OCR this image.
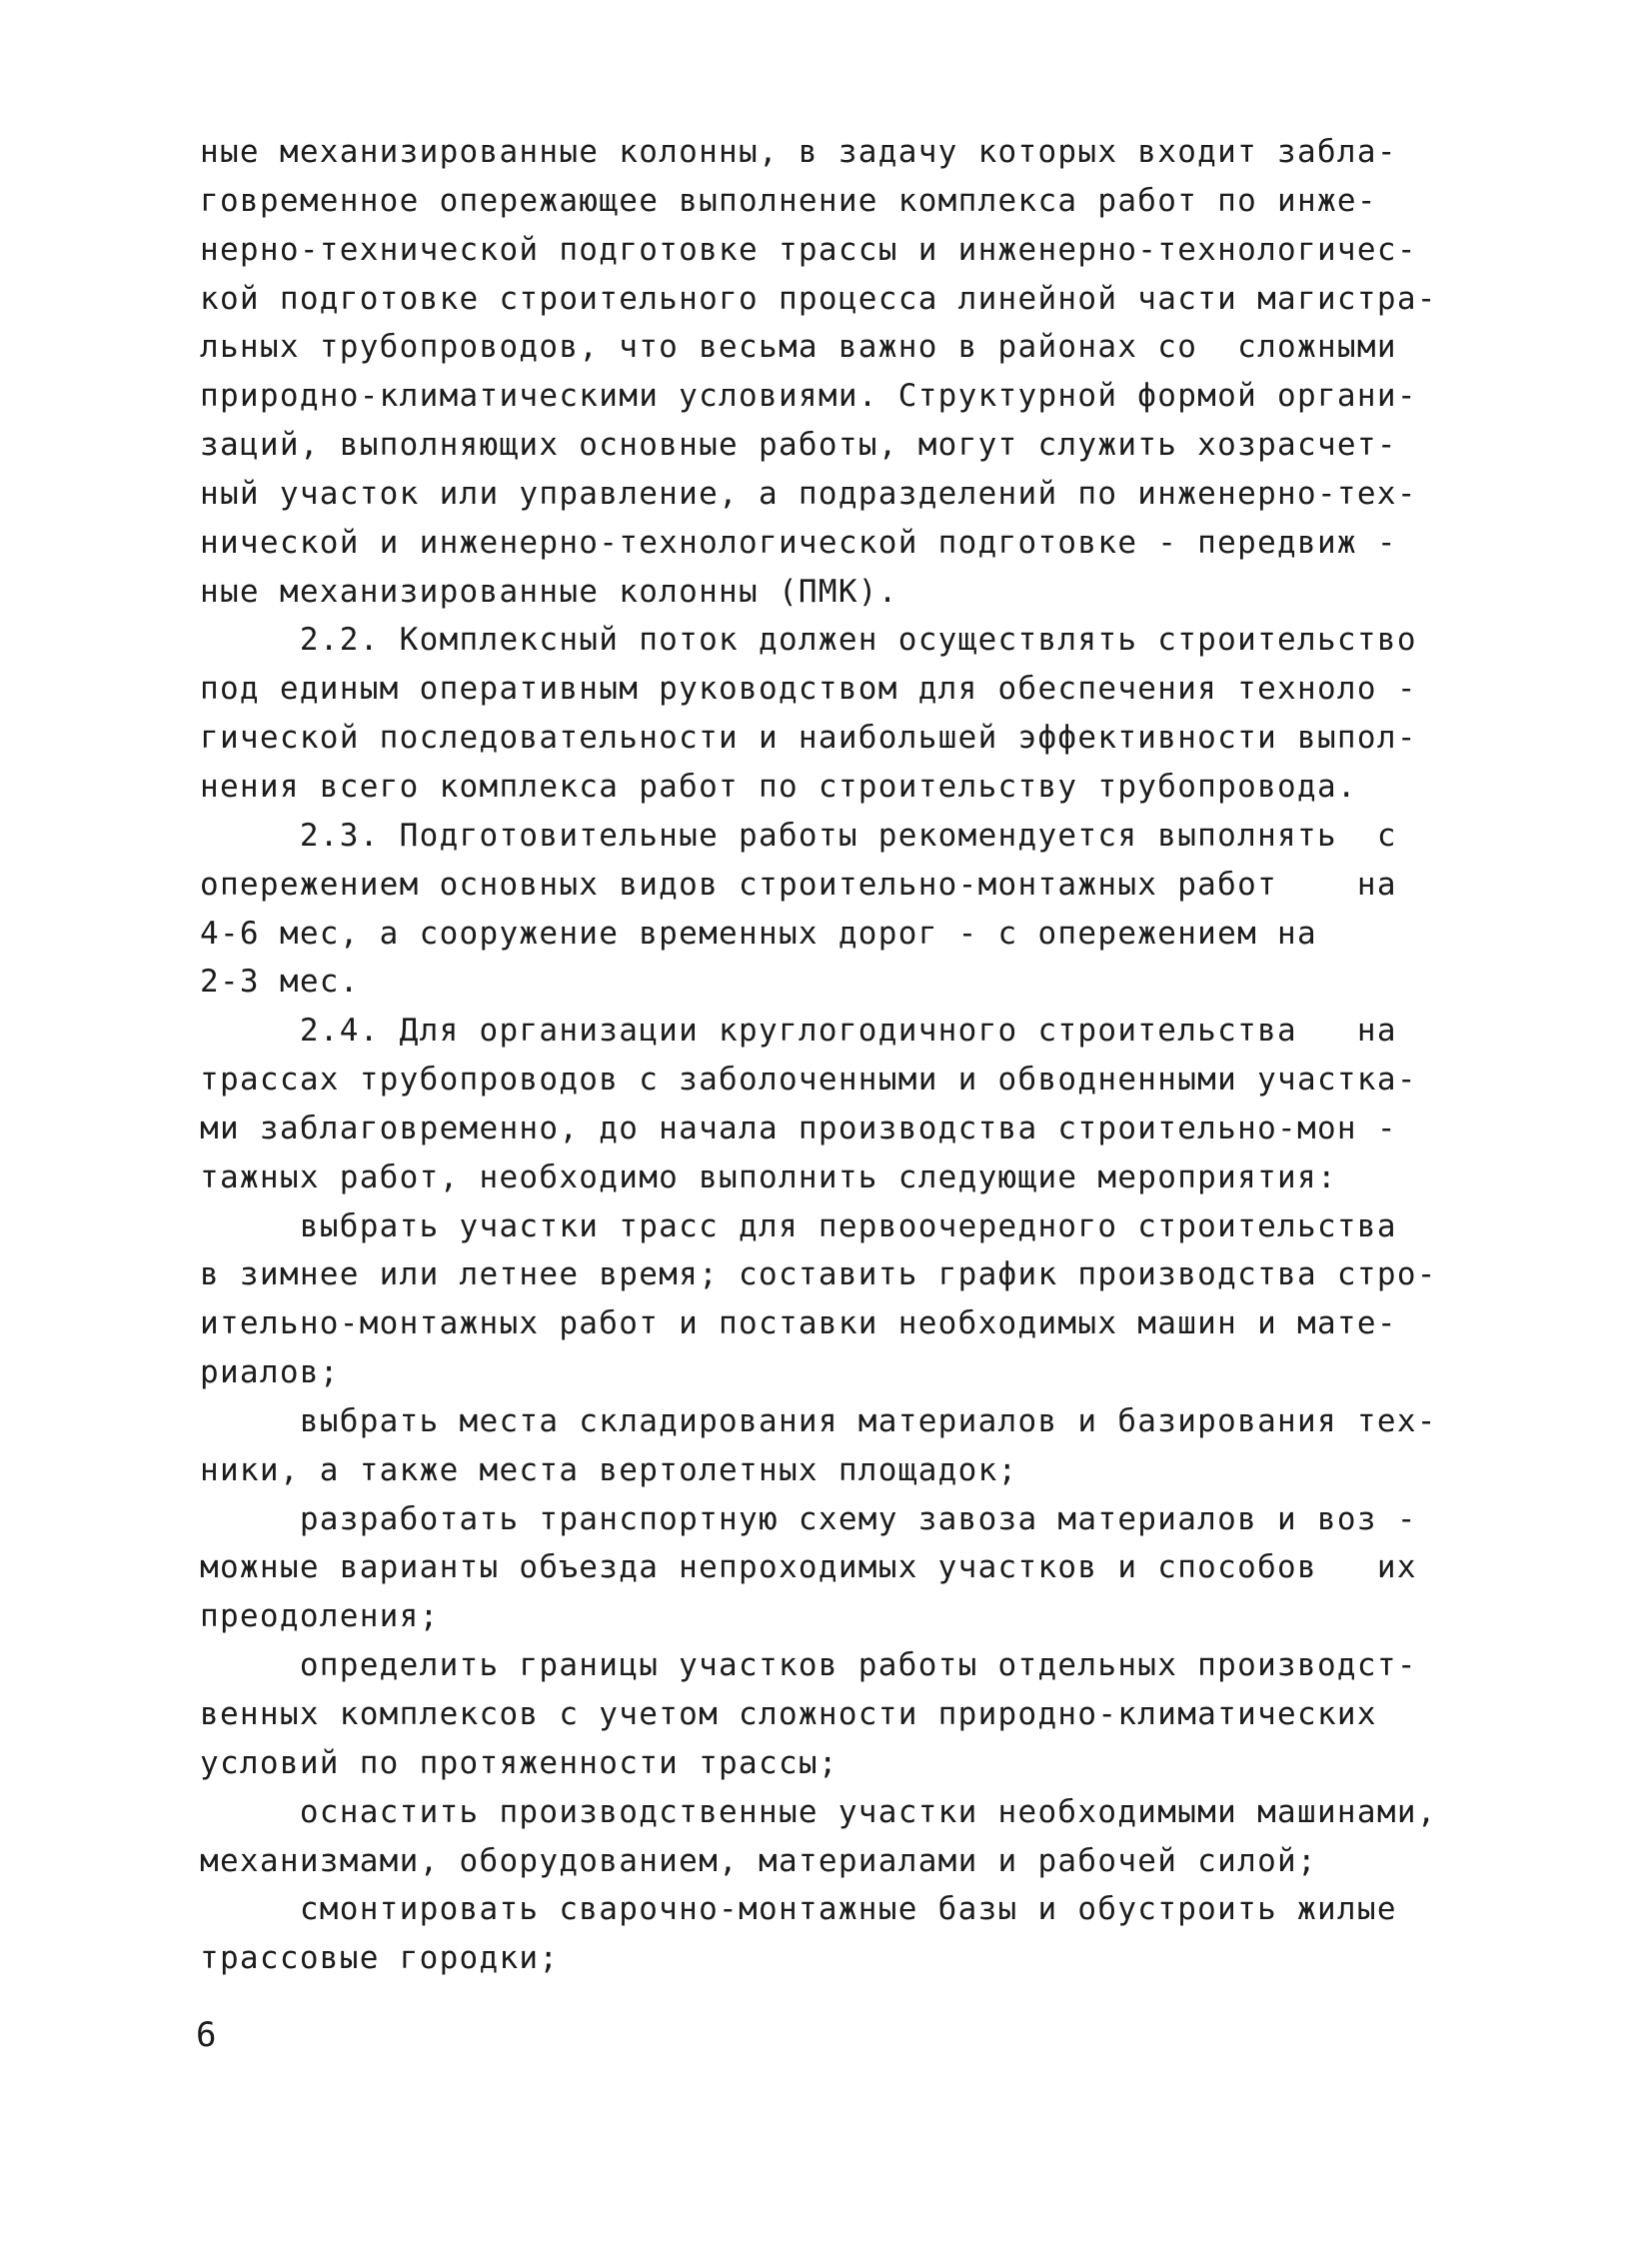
ные механизированные колонны, в задачу которых входит забла-
говременное опережающее выполнение комплекса работ по инже-
нерно-технической подготовке трассы и инженерно-технологичес-
кой подготовке строительного процесса линейной части магистра-
льных трубопроводов, что весьма важно в районах со  сложными
природно-климатическими условиями. Структурной формой органи-
заций, выполняющих основные работы, могут служить хозрасчет-
ный участок или управление, а подразделений по инженерно-тех-
нической и инженерно-технологической подготовке - передвиж -
ные механизированные колонны (ПМК).
2.2. Комплексный поток должен осуществлять строительство
под единым оперативным руководством для обеспечения техноло -
гической последовательности и наибольшей эффективности выпол-
нения всего комплекса работ по строительству трубопровода.
2.3. Подготовительные работы рекомендуется выполнять  с
опережением основных видов строительно-монтажных работ    на
4-6 мес, а сооружение временных дорог - с опережением на
2-3 мес.
2.4. Для организации круглогодичного строительства   на
трассах трубопроводов с заболоченными и обводненными участка-
ми заблаговременно, до начала производства строительно-мон -
тажных работ, необходимо выполнить следующие мероприятия:
выбрать участки трасс для первоочередного строительства
в зимнее или летнее время; составить график производства стро-
ительно-монтажных работ и поставки необходимых машин и мате-
риалов;
выбрать места складирования материалов и базирования тех-
ники, а также места вертолетных площадок;
разработать транспортную схему завоза материалов и воз -
можные варианты объезда непроходимых участков и способов   их
преодоления;
определить границы участков работы отдельных производст-
венных комплексов с учетом сложности природно-климатических
условий по протяженности трассы;
оснастить производственные участки необходимыми машинами,
механизмами, оборудованием, материалами и рабочей силой;
смонтировать сварочно-монтажные базы и обустроить жилые
трассовые городки;
6
